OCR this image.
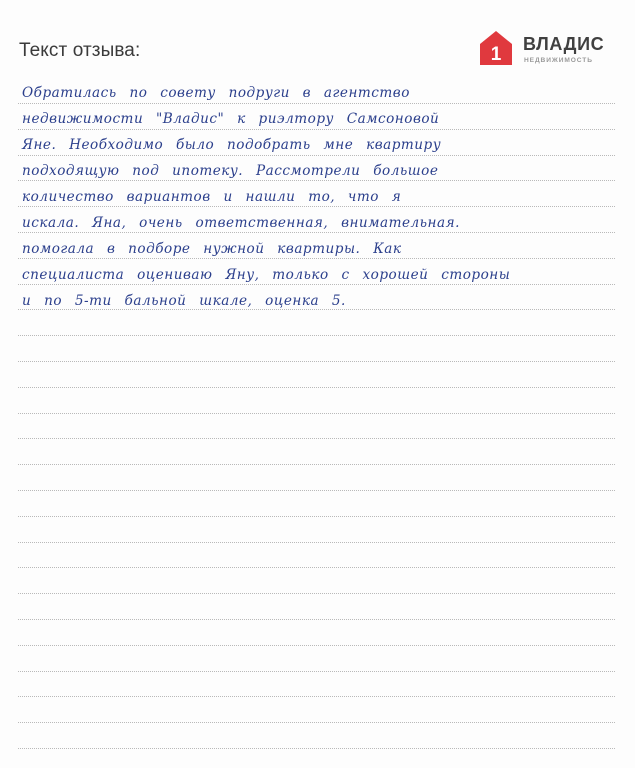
Текст отзыва:	1 ВЛАДИС
НЕДВИЖИМОСТЬ
Обратилась по совету подруги в агентство
недвижимости "Владис" к риэлтору Самсоновой
Яне. Необходимо было подобрать мне квартиру
подходящую под ипотеку. Рассмотрели большое
количество вариантов и нашли то, что я
искала. Яна, очень ответственная, внимательная.
помогала в подборе нужной квартиры. Как
специалиста оцениваю Яну, только с хорошей стороны
и по 5-ти бальной шкале, оценка 5.
